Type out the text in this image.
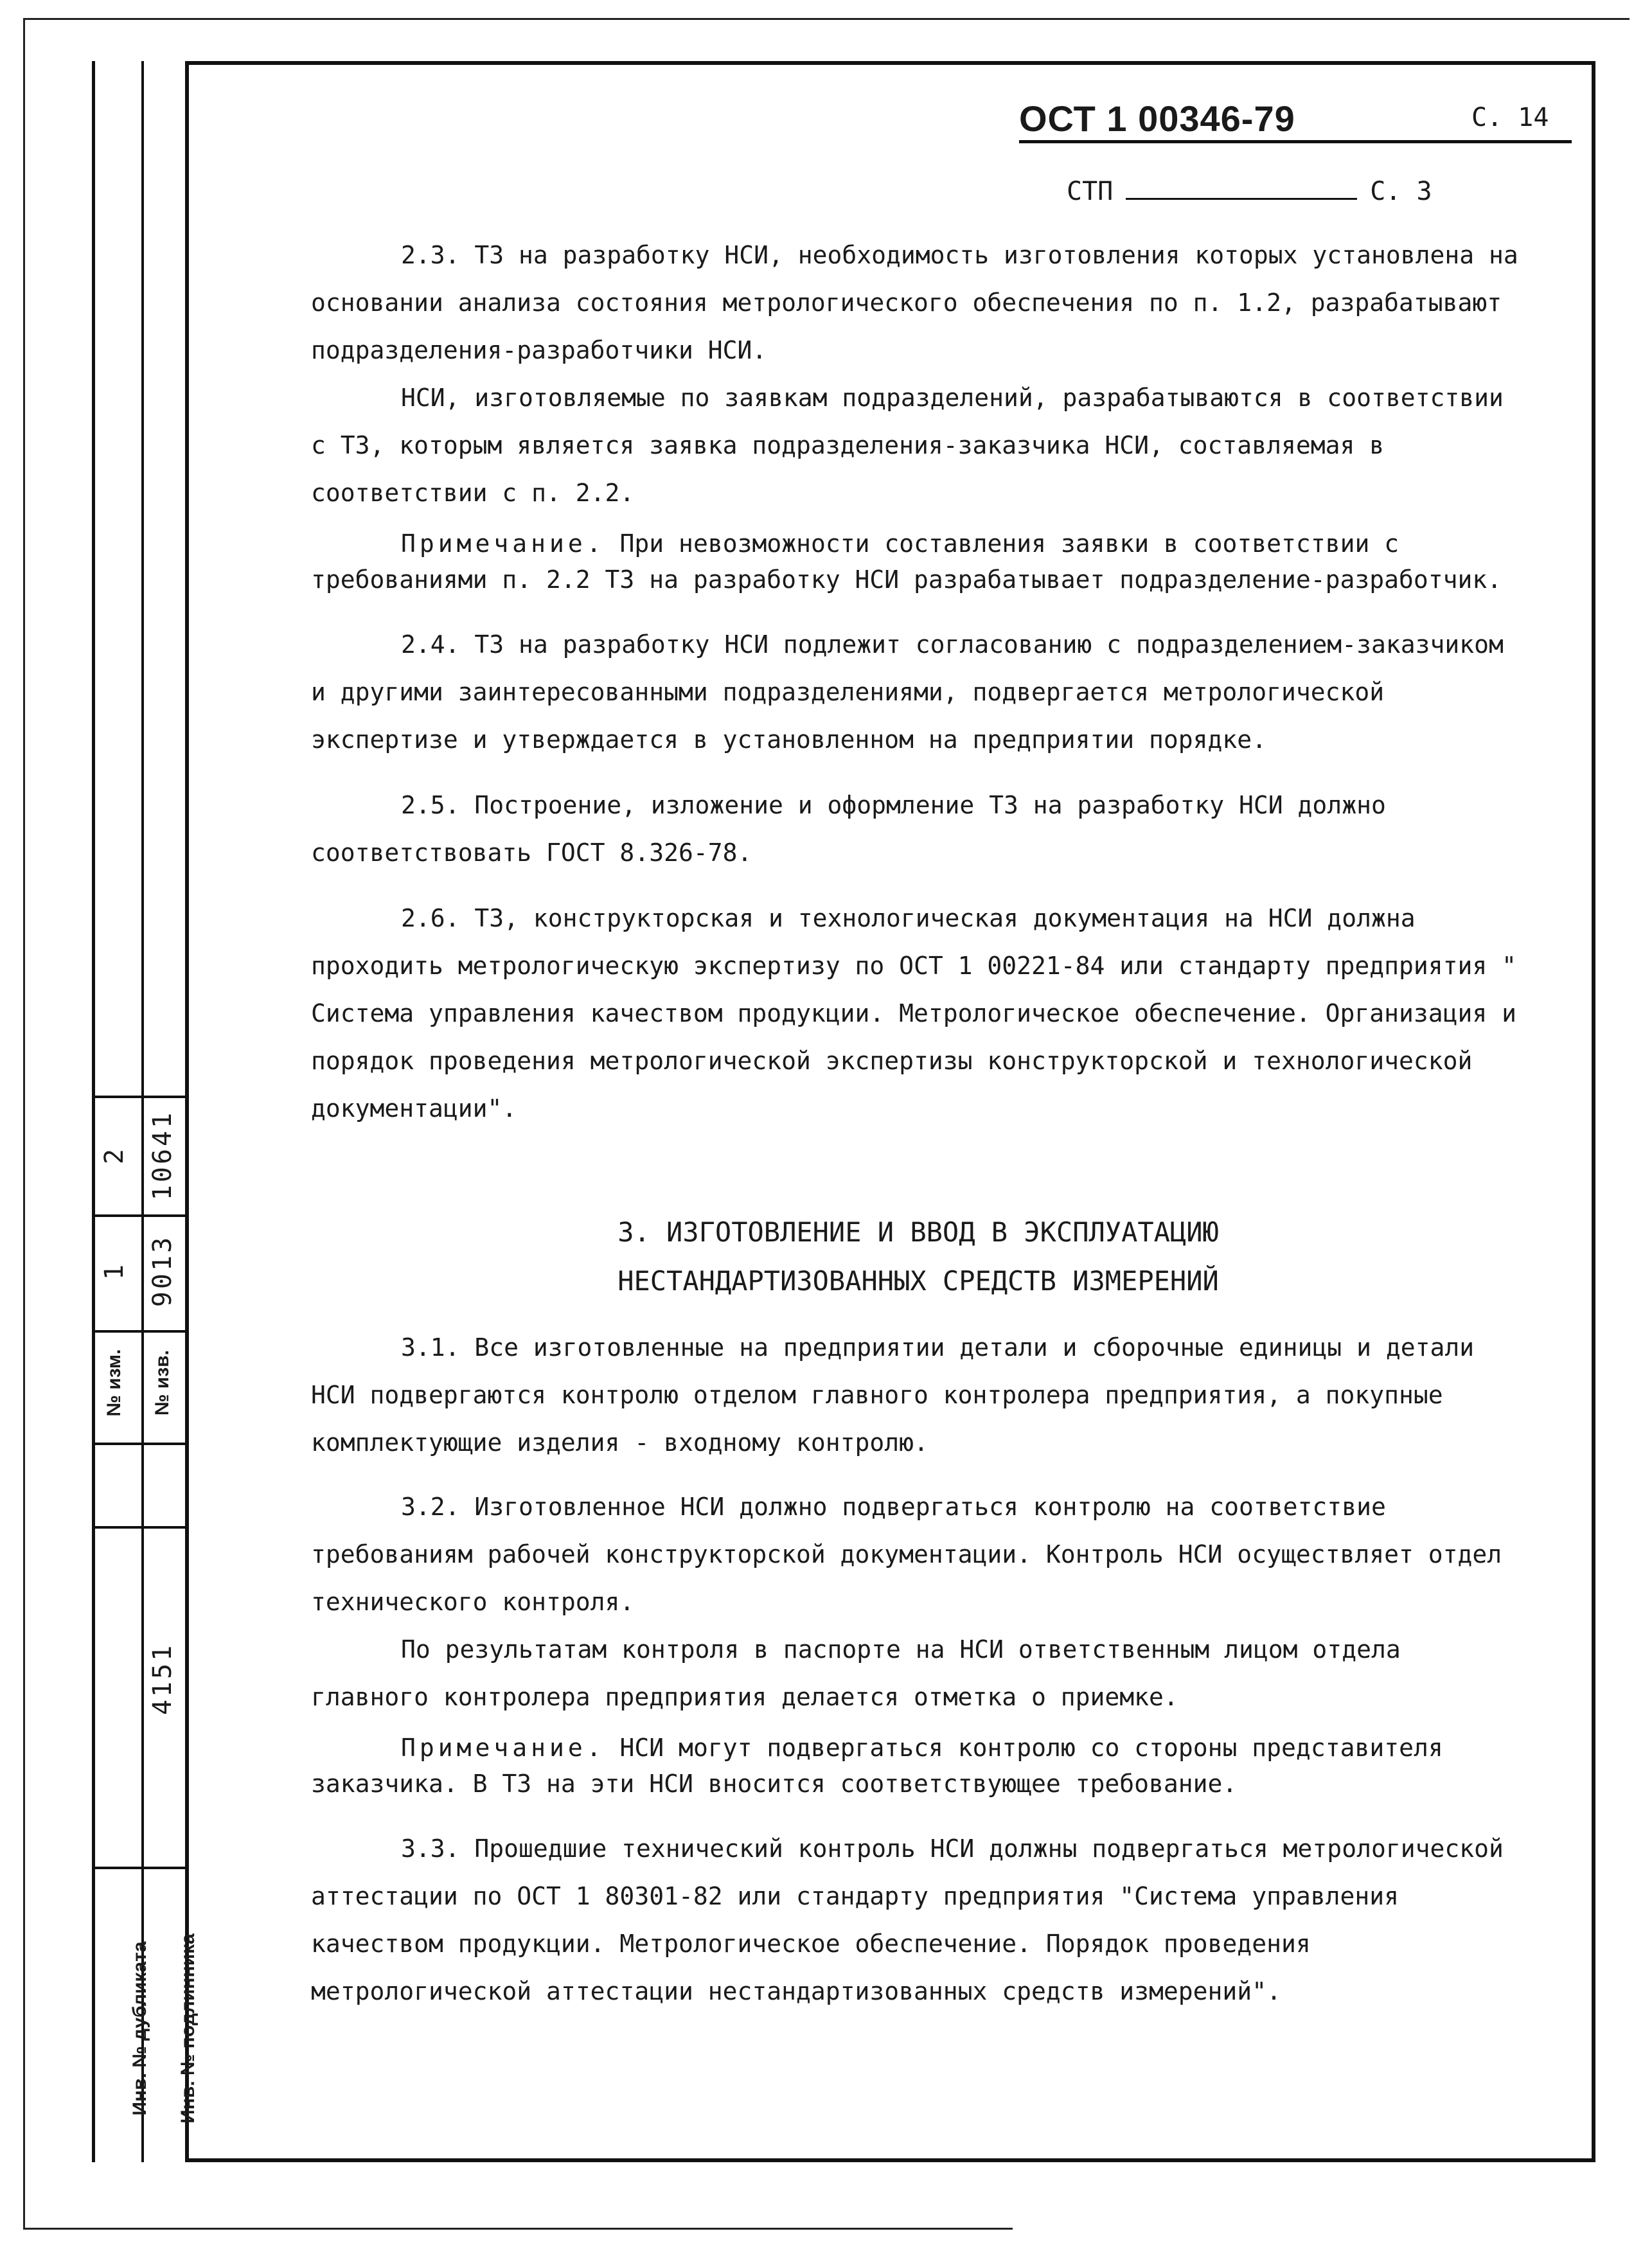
№ изм. № изв.
1
2
9013
10641
4151
Инв. № дубликата Инв. № подлинника
ОСТ 1 00346-79	С. 14
СТП	С. 3

2.3. ТЗ на разработку НСИ, необходимость изготовления которых установлена на основании анализа состояния метрологического обеспечения по п. 1.2, разрабатывают подразделения-разработчики НСИ.

НСИ, изготовляемые по заявкам подразделений, разрабатываются в соответствии с ТЗ, которым является заявка подразделения-заказчика НСИ, составляемая в соответствии с п. 2.2.

Примечание. При невозможности составления заявки в соответствии с требованиями п. 2.2 ТЗ на разработку НСИ разрабатывает подразделение-разработчик.

2.4. ТЗ на разработку НСИ подлежит согласованию с подразделением-заказчиком и другими заинтересованными подразделениями, подвергается метрологической экспертизе и утверждается в установленном на предприятии порядке.

2.5. Построение, изложение и оформление ТЗ на разработку НСИ должно соответствовать ГОСТ 8.326-78.

2.6. ТЗ, конструкторская и технологическая документация на НСИ должна проходить метрологическую экспертизу по ОСТ 1 00221-84 или стандарту предприятия " Система управления качеством продукции. Метрологическое обеспечение. Организация и порядок проведения метрологической экспертизы конструкторской и технологической документации".

3. ИЗГОТОВЛЕНИЕ И ВВОД В ЭКСПЛУАТАЦИЮ

НЕСТАНДАРТИЗОВАННЫХ СРЕДСТВ ИЗМЕРЕНИЙ

3.1. Все изготовленные на предприятии детали и сборочные единицы и детали НСИ подвергаются контролю отделом главного контролера предприятия, а покупные комплектующие изделия - входному контролю.

3.2. Изготовленное НСИ должно подвергаться контролю на соответствие требованиям рабочей конструкторской документации. Контроль НСИ осуществляет отдел технического контроля.

По результатам контроля в паспорте на НСИ ответственным лицом отдела главного контролера предприятия делается отметка о приемке.

Примечание. НСИ могут подвергаться контролю со стороны представителя заказчика. В ТЗ на эти НСИ вносится соответствующее требование.

3.3. Прошедшие технический контроль НСИ должны подвергаться метрологической аттестации по ОСТ 1 80301-82 или стандарту предприятия "Система управления качеством продукции. Метрологическое обеспечение. Порядок проведения метрологической аттестации нестандартизованных средств измерений".
